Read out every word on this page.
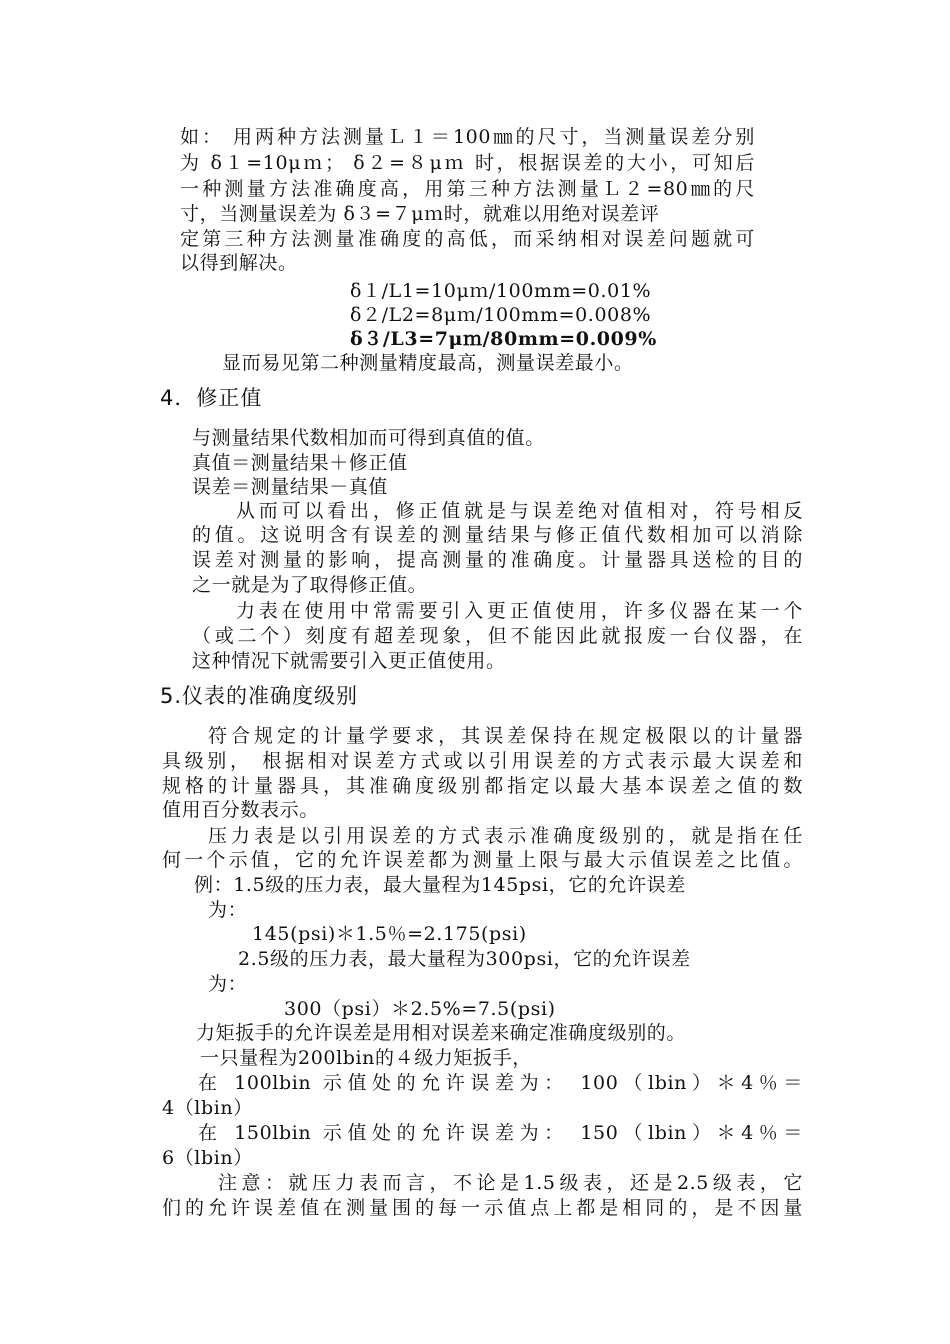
如： 用两种方法测量Ｌ１＝100㎜的尺寸，当测量误差分别
为 δ１=10μｍ； δ２=８μｍ 时，根据误差的大小，可知后
一种测量方法准确度高，用第三种方法测量Ｌ２=80㎜的尺
寸，当测量误差为 δ３=７μｍ时，就难以用绝对误差评
定第三种方法测量准确度的高低，而采纳相对误差问题就可
以得到解决。
δ１/L1=10μｍ/100mm=0.01%
δ２/L2=8μｍ/100mm=0.008%
δ３/L3=7μｍ/80mm=0.009%
显而易见第二种测量精度最高，测量误差最小。
4．修正值
与测量结果代数相加而可得到真值的值。
真值＝测量结果＋修正值
误差＝测量结果－真值
从而可以看出，修正值就是与误差绝对值相对，符号相反
的值。这说明含有误差的测量结果与修正值代数相加可以消除
误差对测量的影响，提高测量的准确度。计量器具送检的目的
之一就是为了取得修正值。
力表在使用中常需要引入更正值使用，许多仪器在某一个
（或二个）刻度有超差现象，但不能因此就报废一台仪器，在
这种情况下就需要引入更正值使用。
5.仪表的准确度级别
符合规定的计量学要求，其误差保持在规定极限以的计量器
具级别， 根据相对误差方式或以引用误差的方式表示最大误差和
规格的计量器具，其准确度级别都指定以最大基本误差之值的数
值用百分数表示。
压力表是以引用误差的方式表示准确度级别的，就是指在任
何一个示值，它的允许误差都为测量上限与最大示值误差之比值。
例：1.5级的压力表，最大量程为145psi，它的允许误差
为：
145(psi)＊1.5％=2.175(psi)
2.5级的压力表，最大量程为300psi，它的允许误差
为：
300（psi）＊2.5%=7.5(psi)
力矩扳手的允许误差是用相对误差来确定准确度级别的。
一只量程为200lbin的４级力矩扳手，
在 100lbin 示值处的允许误差为： 100（lbin）＊4％＝
4（lbin）
在 150lbin 示值处的允许误差为： 150（lbin）＊4％＝
6（lbin）
注意：就压力表而言，不论是1.5级表，还是2.5级表，它
们的允许误差值在测量围的每一示值点上都是相同的，是不因量
